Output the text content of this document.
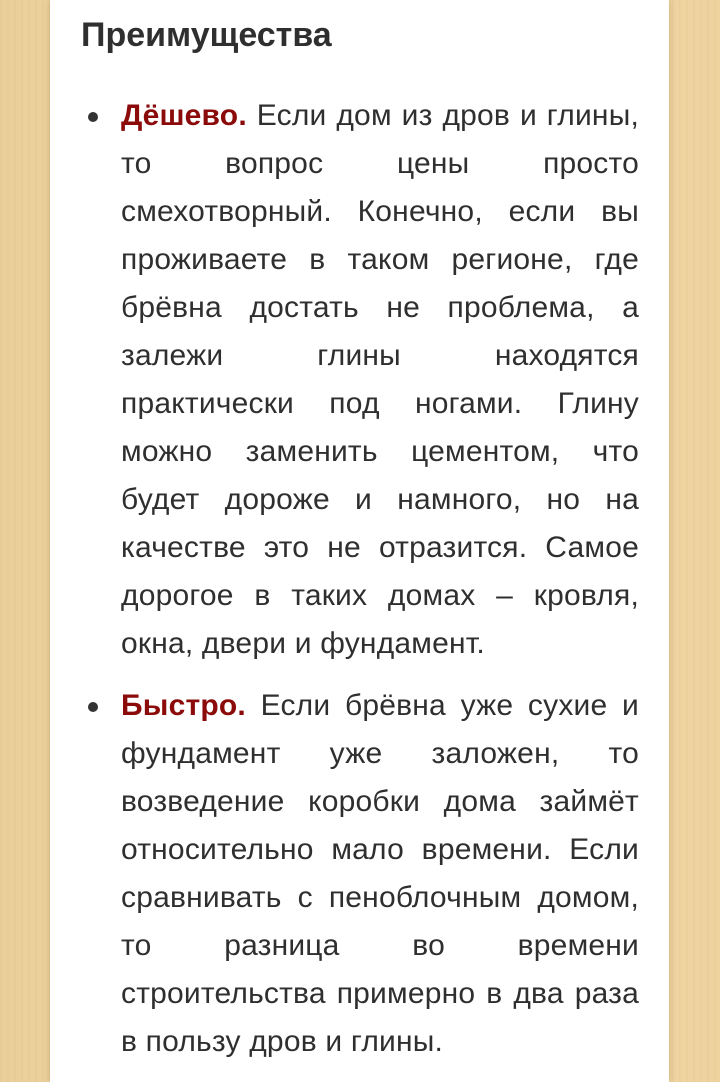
Преимущества

Дёшево. Если дом из дров и глины, то вопрос цены просто смехотворный. Конечно, если вы проживаете в таком регионе, где брёвна достать не проблема, а залежи глины находятся практически под ногами. Глину можно заменить цементом, что будет дороже и намного, но на качестве это не отразится. Самое дорогое в таких домах – кровля, окна, двери и фундамент.

Быстро. Если брёвна уже сухие и фундамент уже заложен, то возведение коробки дома займёт относительно мало времени. Если сравнивать с пеноблочным домом, то разница во времени строительства примерно в два раза в пользу дров и глины.
